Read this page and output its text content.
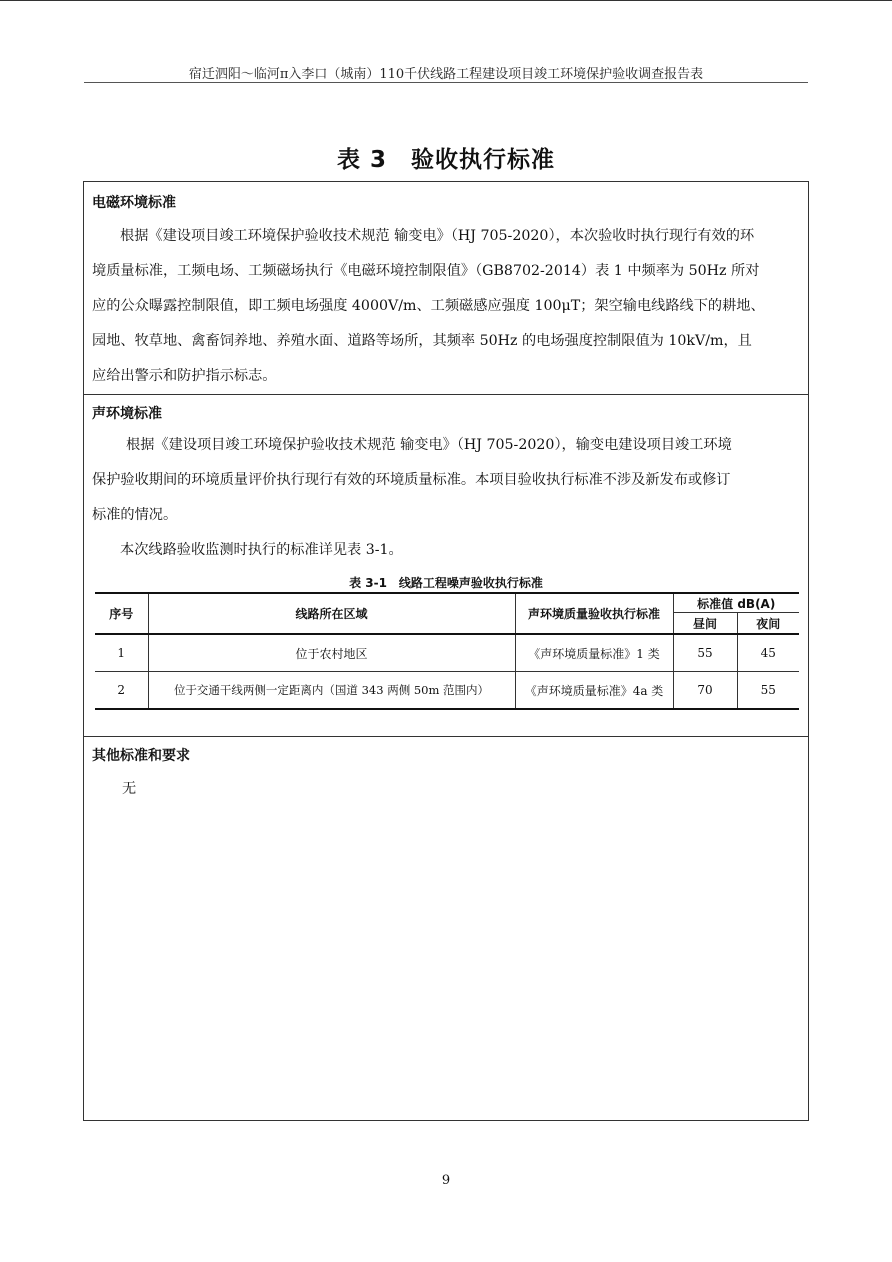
宿迁泗阳～临河π入李口（城南）110千伏线路工程建设项目竣工环境保护验收调查报告表
表 3　验收执行标准
电磁环境标准
根据《建设项目竣工环境保护验收技术规范 输变电》（HJ 705-2020），本次验收时执行现行有效的环
境质量标准，工频电场、工频磁场执行《电磁环境控制限值》（GB8702-2014）表 1 中频率为 50Hz 所对
应的公众曝露控制限值，即工频电场强度 4000V/m、工频磁感应强度 100μT；架空输电线路线下的耕地、
园地、牧草地、禽畜饲养地、养殖水面、道路等场所，其频率 50Hz 的电场强度控制限值为 10kV/m，且
应给出警示和防护指示标志。
声环境标准
根据《建设项目竣工环境保护验收技术规范 输变电》（HJ 705-2020），输变电建设项目竣工环境
保护验收期间的环境质量评价执行现行有效的环境质量标准。本项目验收执行标准不涉及新发布或修订
标准的情况。
本次线路验收监测时执行的标准详见表 3-1。
表 3-1　线路工程噪声验收执行标准
序号	线路所在区域	声环境质量验收执行标准	标准值 dB(A)	
			昼间	夜间
1	位于农村地区	《声环境质量标准》1 类	55	45
2	位于交通干线两侧一定距离内（国道 343 两侧 50m 范围内）	《声环境质量标准》4a 类	70	55
其他标准和要求
无
9
